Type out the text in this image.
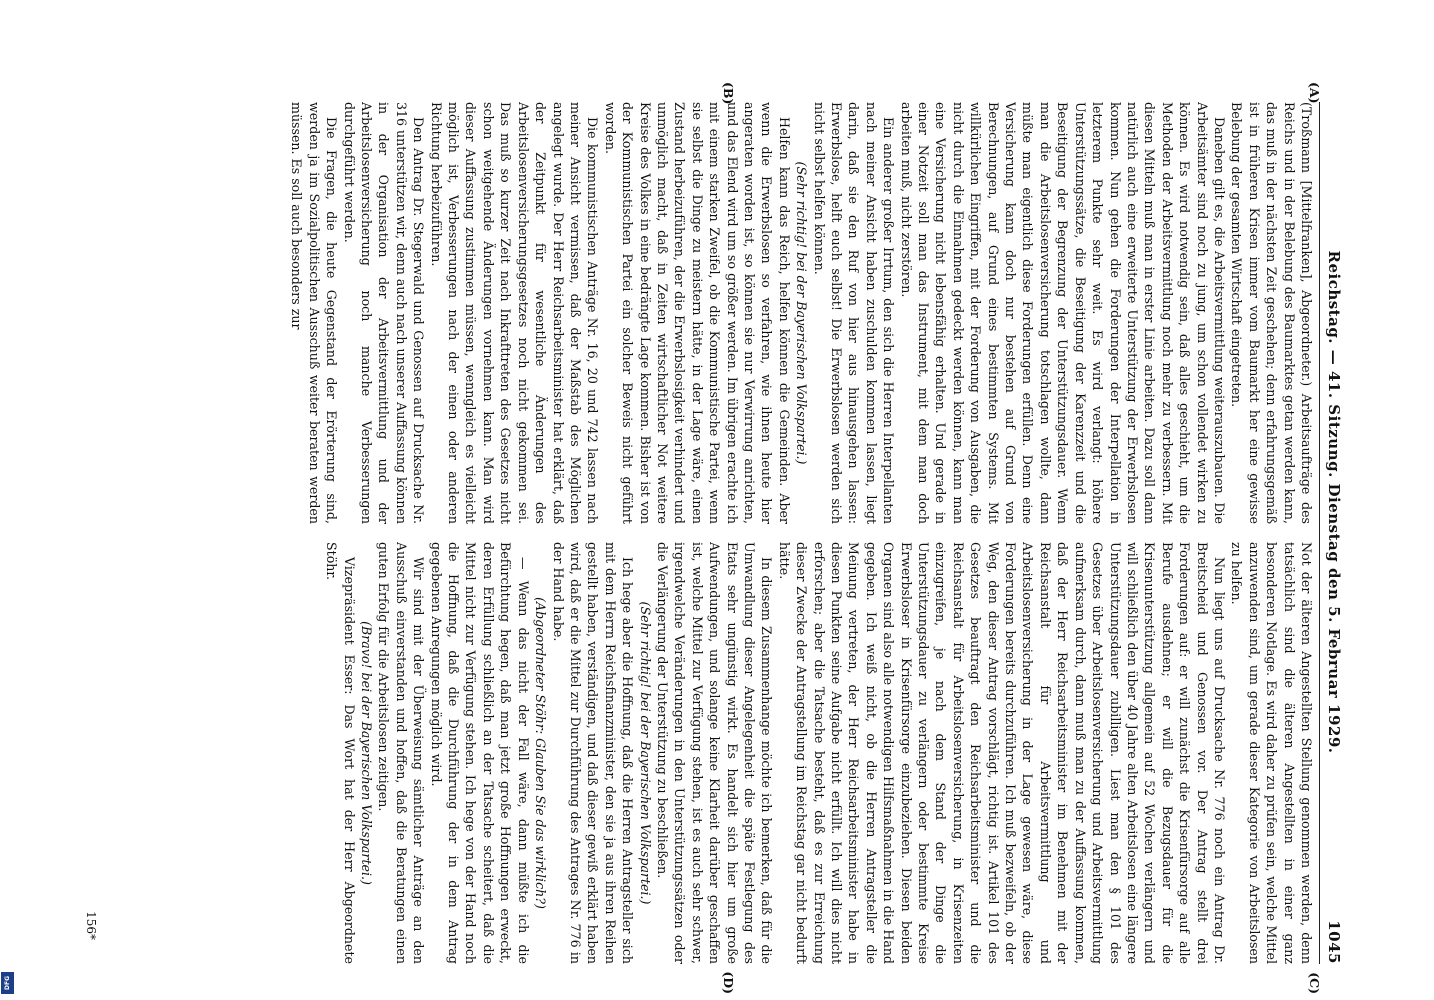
Reichstag. — 41. Sitzung. Dienstag den 5. Februar 1929.
1045

(Troßmann [Mittelfranken], Abgeordneter.) Arbeitsaufträge des Reichs und in der Belebung des Baumarktes getan werden kann, das muß in der nächsten Zeit geschehen; denn erfahrungsgemäß ist in früheren Krisen immer vom Baumarkt her eine gewisse Belebung der gesamten Wirtschaft eingetreten.

Daneben gilt es, die Arbeitsvermittlung weiterauszubauen. Die Arbeitsämter sind noch zu jung, um schon vollendet wirken zu können. Es wird notwendig sein, daß alles geschieht, um die Methoden der Arbeitsvermittlung noch mehr zu verbessern. Mit diesen Mitteln muß man in erster Linie arbeiten. Dazu soll dann natürlich auch eine erweiterte Unterstützung der Erwerbslosen kommen. Nun gehen die Forderungen der Interpellation in letzterem Punkte sehr weit. Es wird verlangt: höhere Unterstützungssätze, die Beseitigung der Karenzzeit und die Beseitigung der Begrenzung der Unterstützungsdauer. Wenn man die Arbeitslosenversicherung totschlagen wollte, dann müßte man eigentlich diese Forderungen erfüllen. Denn eine Versicherung kann doch nur bestehen auf Grund von Berechnungen, auf Grund eines bestimmten Systems. Mit willkürlichen Eingriffen, mit der Forderung von Ausgaben, die nicht durch die Einnahmen gedeckt werden können, kann man eine Versicherung nicht lebensfähig erhalten. Und gerade in einer Notzeit soll man das Instrument, mit dem man doch arbeiten muß, nicht zerstören.

Ein anderer großer Irrtum, den sich die Herren Interpellanten nach meiner Ansicht haben zuschulden kommen lassen, liegt darin, daß sie den Ruf von hier aus hinausgehen lassen: Erwerbslose, helft euch selbst! Die Erwerbslosen werden sich nicht selbst helfen können.

(Sehr richtig! bei der Bayerischen Volkspartei.)

Helfen kann das Reich, helfen können die Gemeinden. Aber wenn die Erwerbslosen so verfahren, wie ihnen heute hier angeraten worden ist, so können sie nur Verwirrung anrichten, und das Elend wird um so größer werden. Im übrigen erachte ich mit einem starken Zweifel, ob die Kommunistische Partei, wenn sie selbst die Dinge zu meistern hätte, in der Lage wäre, einen Zustand herbeizuführen, der die Erwerbslosigkeit verhindert und unmöglich macht, daß in Zeiten wirtschaftlicher Not weitere Kreise des Volkes in eine bedrängte Lage kommen. Bisher ist von der Kommunistischen Partei ein solcher Beweis nicht geführt worden.

Die kommunistischen Anträge Nr. 16, 20 und 742 lassen nach meiner Ansicht vermissen, daß der Maßstab des Möglichen angelegt wurde. Der Herr Reichsarbeitsminister hat erklärt, daß der Zeitpunkt für wesentliche Änderungen des Arbeitslosenversicherungsgesetzes noch nicht gekommen sei. Das muß so kurzer Zeit nach Inkrafttreten des Gesetzes nicht schon weitgehende Änderungen vornehmen kann. Man wird dieser Auffassung zustimmen müssen, wenngleich es vielleicht möglich ist, Verbesserungen nach der einen oder anderen Richtung herbeizuführen.

Den Antrag Dr. Stegerwald und Genossen auf Drucksache Nr. 316 unterstützen wir, denn auch nach unserer Auffassung können in der Organisation der Arbeitsvermittlung und der Arbeitslosenversicherung noch manche Verbesserungen durchgeführt werden.

Die Fragen, die heute Gegenstand der Erörterung sind, werden ja im Sozialpolitischen Ausschuß weiter beraten werden müssen. Es soll auch besonders zur

Not der älteren Angestellten Stellung genommen werden, denn tatsächlich sind die älteren Angestellten in einer ganz besonderen Notlage. Es wird daher zu prüfen sein, welche Mittel anzuwenden sind, um gerade dieser Kategorie von Arbeitslosen zu helfen.

Nun liegt uns auf Drucksache Nr. 776 noch ein Antrag Dr. Breitscheid und Genossen vor. Der Antrag stellt drei Forderungen auf: er will zunächst die Krisenfürsorge auf alle Berufe ausdehnen; er will die Bezugsdauer für die Krisenunterstützung allgemein auf 52 Wochen verlängern und will schließlich den über 40 Jahre alten Arbeitslosen eine längere Unterstützungsdauer zubilligen. Liest man den § 101 des Gesetzes über Arbeitslosenversicherung und Arbeitsvermittlung aufmerksam durch, dann muß man zu der Auffassung kommen, daß der Herr Reichsarbeitsminister im Benehmen mit der Reichsanstalt für Arbeitsvermittlung und Arbeitslosenversicherung in der Lage gewesen wäre, diese Forderungen bereits durchzuführen. Ich muß bezweifeln, ob der Weg, den dieser Antrag vorschlägt, richtig ist. Artikel 101 des Gesetzes beauftragt den Reichsarbeitsminister und die Reichsanstalt für Arbeitslosenversicherung, in Krisenzeiten einzugreifen, je nach dem Stand der Dinge die Unterstützungsdauer zu verlängern oder bestimmte Kreise Erwerbsloser in Krisenfürsorge einzubeziehen. Diesen beiden Organen sind also alle notwendigen Hilfsmaßnahmen in die Hand gegeben. Ich weiß nicht, ob die Herren Antragsteller die Meinung vertreten, der Herr Reichsarbeitsminister habe in diesen Punkten seine Aufgabe nicht erfüllt. Ich will dies nicht erforschen; aber die Tatsache besteht, daß es zur Erreichung dieser Zwecke der Antragstellung im Reichstag gar nicht bedurft hätte.

In diesem Zusammenhange möchte ich bemerken, daß für die Umwandlung dieser Angelegenheit die späte Festlegung des Etats sehr ungünstig wirkt. Es handelt sich hier um große Aufwendungen, und solange keine Klarheit darüber geschaffen ist, welche Mittel zur Verfügung stehen, ist es auch sehr schwer, irgendwelche Veränderungen in den Unterstützungssätzen oder die Verlängerung der Unterstützung zu beschließen.

(Sehr richtig! bei der Bayerischen Volkspartei.)

Ich hege aber die Hoffnung, daß die Herren Antragsteller sich mit dem Herrn Reichsfinanzminister, den sie ja aus ihren Reihen gestellt haben, verständigen, und daß dieser gewiß erklärt haben wird, daß er die Mittel zur Durchführung des Antrages Nr. 776 in der Hand habe.

(Abgeordneter Stöhr: Glauben Sie das wirklich?)

— Wenn das nicht der Fall wäre, dann müßte ich die Befürchtung hegen, daß man jetzt große Hoffnungen erweckt, deren Erfüllung schließlich an der Tatsache scheitert, daß die Mittel nicht zur Verfügung stehen. Ich hege von der Hand noch die Hoffnung, daß die Durchführung der in dem Antrag gegebenen Anregungen möglich wird.

Wir sind mit der Überweisung sämtlicher Anträge an den Ausschuß einverstanden und hoffen, daß die Beratungen einen guten Erfolg für die Arbeitslosen zeitigen.

(Bravo! bei der Bayerischen Volkspartei.)

Vizepräsident Esser: Das Wort hat der Herr Abgeordnete Stöhr.

(A)
(B)
(C)
(D)
156*
DFG
